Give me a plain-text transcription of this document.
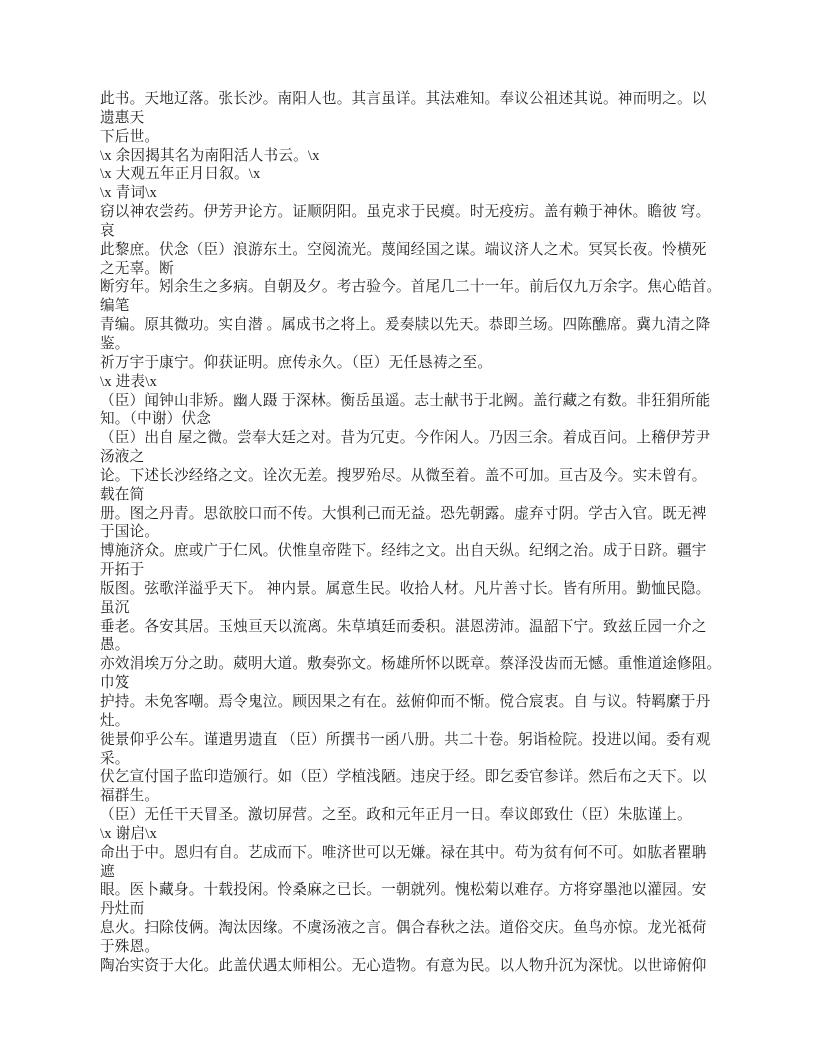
此书。天地辽落。张长沙。南阳人也。其言虽详。其法难知。奉议公祖述其说。神而明之。以
遗惠天
下后世。
\x 余因揭其名为南阳活人书云。\x
\x 大观五年正月日叙。\x
\x 青词\x
窃以神农尝药。伊芳尹论方。证顺阴阳。虽克求于民瘼。时无疫疠。盖有赖于神休。瞻彼 穹。
哀
此黎庶。伏念（臣）浪游东土。空阅流光。蔑闻经国之谋。端议济人之术。冥冥长夜。怜横死
之无辜。断
断穷年。矧余生之多病。自朝及夕。考古验今。首尾几二十一年。前后仅九万余字。焦心皓首。
编笔
青编。原其微功。实自潜 。属成书之将上。爰奏牍以先天。恭即兰场。四陈醮席。冀九清之降
鉴。
祈万宇于康宁。仰获证明。庶传永久。（臣）无任恳祷之至。
\x 进表\x
（臣）闻钟山非矫。幽人蹑 于深林。衡岳虽遥。志士献书于北阙。盖行藏之有数。非狂狷所能
知。（中谢）伏念
（臣）出自 屋之微。尝奉大廷之对。昔为冗吏。今作闲人。乃因三余。着成百问。上稽伊芳尹
汤液之
论。下述长沙经络之文。诠次无差。搜罗殆尽。从微至着。盖不可加。亘古及今。实未曾有。
载在简
册。图之丹青。思欲胶口而不传。大惧利己而无益。恐先朝露。虚弃寸阴。学古入官。既无裨
于国论。
博施济众。庶或广于仁风。伏惟皇帝陛下。经纬之文。出自天纵。纪纲之治。成于日跻。疆宇
开拓于
版图。弦歌洋溢乎天下。 神内景。属意生民。收拾人材。凡片善寸长。皆有所用。勤恤民隐。
虽沉
垂老。各安其居。玉烛亘天以流离。朱草填廷而委积。湛恩涝沛。温韶下宁。致兹丘园一介之
愚。
亦效涓埃万分之助。葳明大道。敷奏弥文。杨雄所怀以既章。蔡泽没齿而无憾。重惟道途修阻。
巾笈
护持。未免客嘲。焉令鬼泣。顾因果之有在。兹俯仰而不惭。傥合宸衷。自 与议。特羁縻于丹
灶。
徙景仰乎公车。谨遣男遗直 （臣）所撰书一函八册。共二十卷。躬诣检院。投进以闻。委有观
采。
伏乞宣付国子监印造颁行。如（臣）学植浅陋。违戾于经。即乞委官参详。然后布之天下。以
福群生。
（臣）无任干天冒圣。激切屏营。之至。政和元年正月一日。奉议郎致仕（臣）朱肱谨上。
\x 谢启\x
命出于中。恩归有自。艺成而下。唯济世可以无嫌。禄在其中。苟为贫有何不可。如肱者瞿聃
遮
眼。医卜藏身。十载投闲。怜桑麻之已长。一朝就列。愧松菊以难存。方将穿墨池以灌园。安
丹灶而
息火。扫除伎俩。淘汰因缘。不虞汤液之言。偶合春秋之法。道俗交庆。鱼鸟亦惊。龙光祗荷
于殊恩。
陶冶实资于大化。此盖伏遇太师相公。无心造物。有意为民。以人物升沉为深忧。以世谛俯仰
